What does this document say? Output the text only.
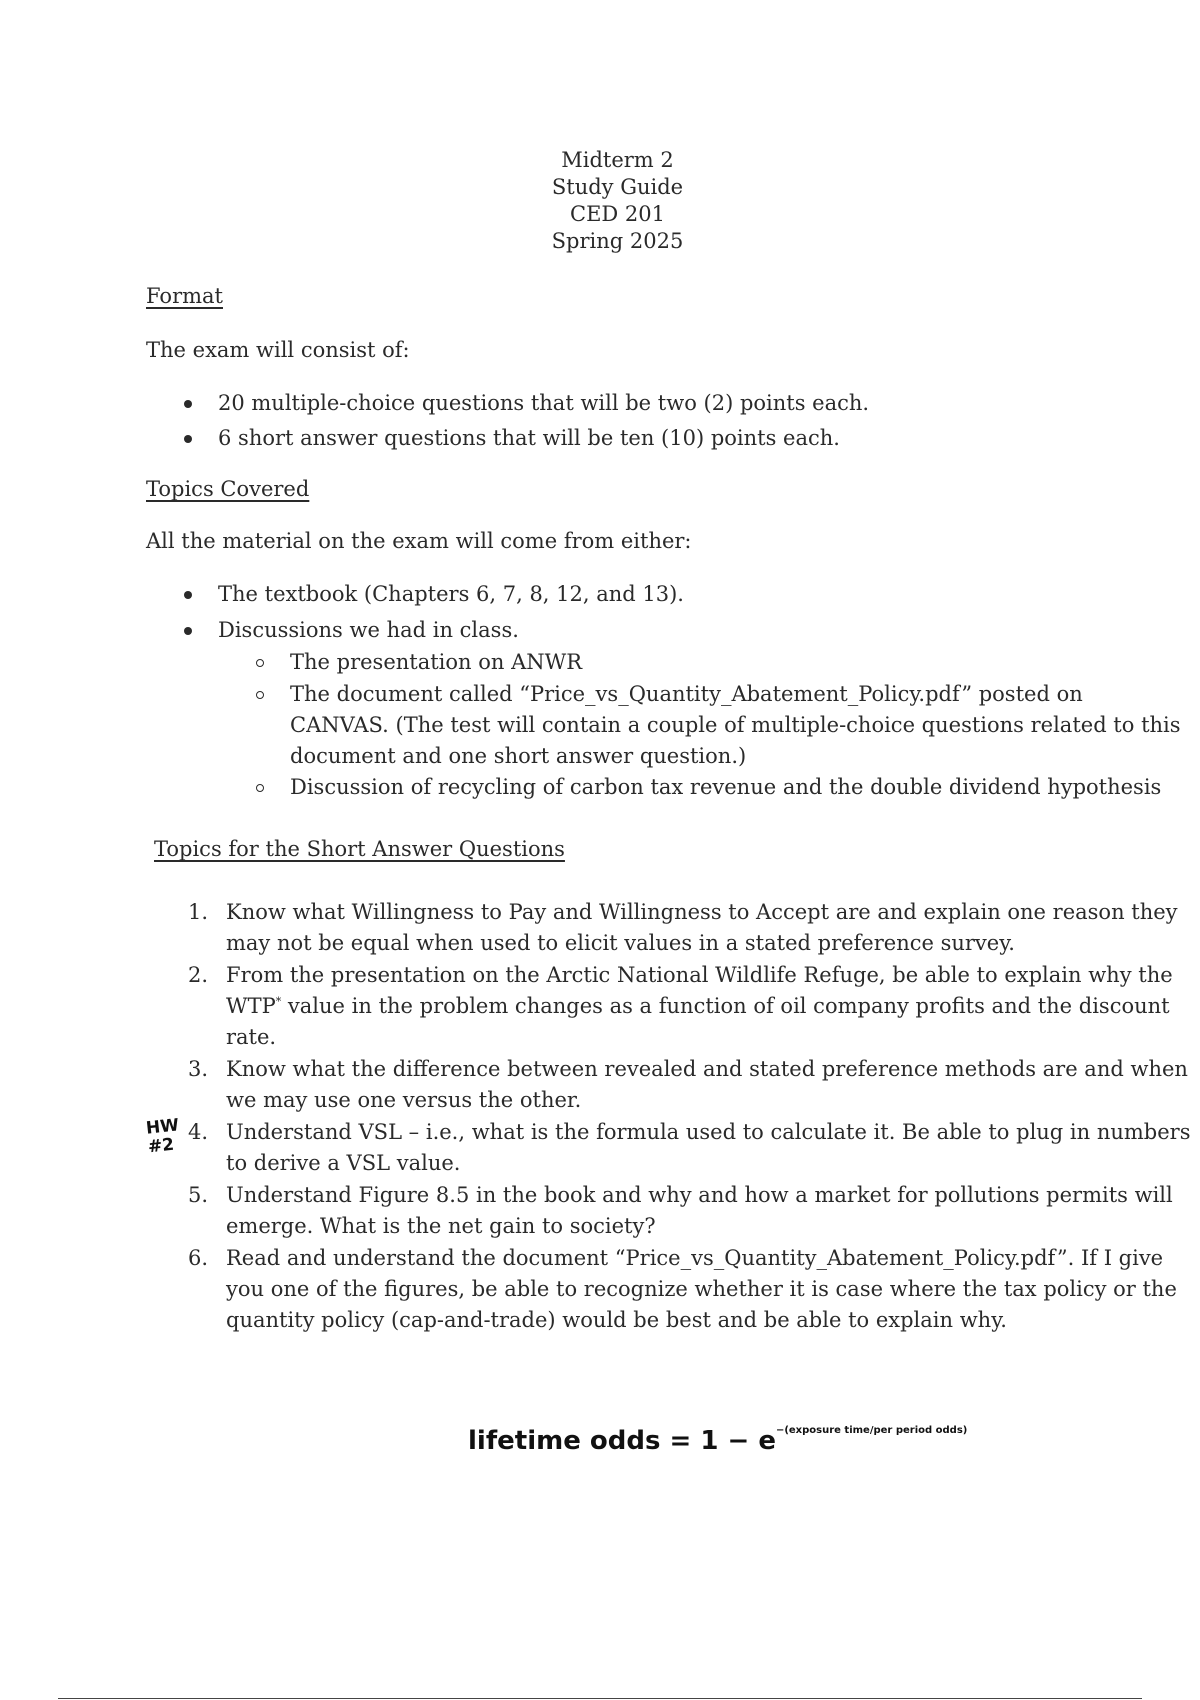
Midterm 2
Study Guide
CED 201
Spring 2025
Format
The exam will consist of:
20 multiple-choice questions that will be two (2) points each.
6 short answer questions that will be ten (10) points each.
Topics Covered
All the material on the exam will come from either:
The textbook (Chapters 6, 7, 8, 12, and 13).
Discussions we had in class.
The presentation on ANWR
The document called “Price_vs_Quantity_Abatement_Policy.pdf” posted on
CANVAS. (The test will contain a couple of multiple-choice questions related to this
document and one short answer question.)
Discussion of recycling of carbon tax revenue and the double dividend hypothesis
Topics for the Short Answer Questions
1. Know what Willingness to Pay and Willingness to Accept are and explain one reason they
may not be equal when used to elicit values in a stated preference survey.
2. From the presentation on the Arctic National Wildlife Refuge, be able to explain why the
WTP* value in the problem changes as a function of oil company profits and the discount
rate.
3. Know what the difference between revealed and stated preference methods are and when
we may use one versus the other.
4. Understand VSL – i.e., what is the formula used to calculate it. Be able to plug in numbers
to derive a VSL value.
5. Understand Figure 8.5 in the book and why and how a market for pollutions permits will
emerge. What is the net gain to society?
6. Read and understand the document “Price_vs_Quantity_Abatement_Policy.pdf”. If I give
you one of the figures, be able to recognize whether it is case where the tax policy or the
quantity policy (cap-and-trade) would be best and be able to explain why.
HW
#2
lifetime odds = $1 - e^{-(exposure time/per period odds)}$
